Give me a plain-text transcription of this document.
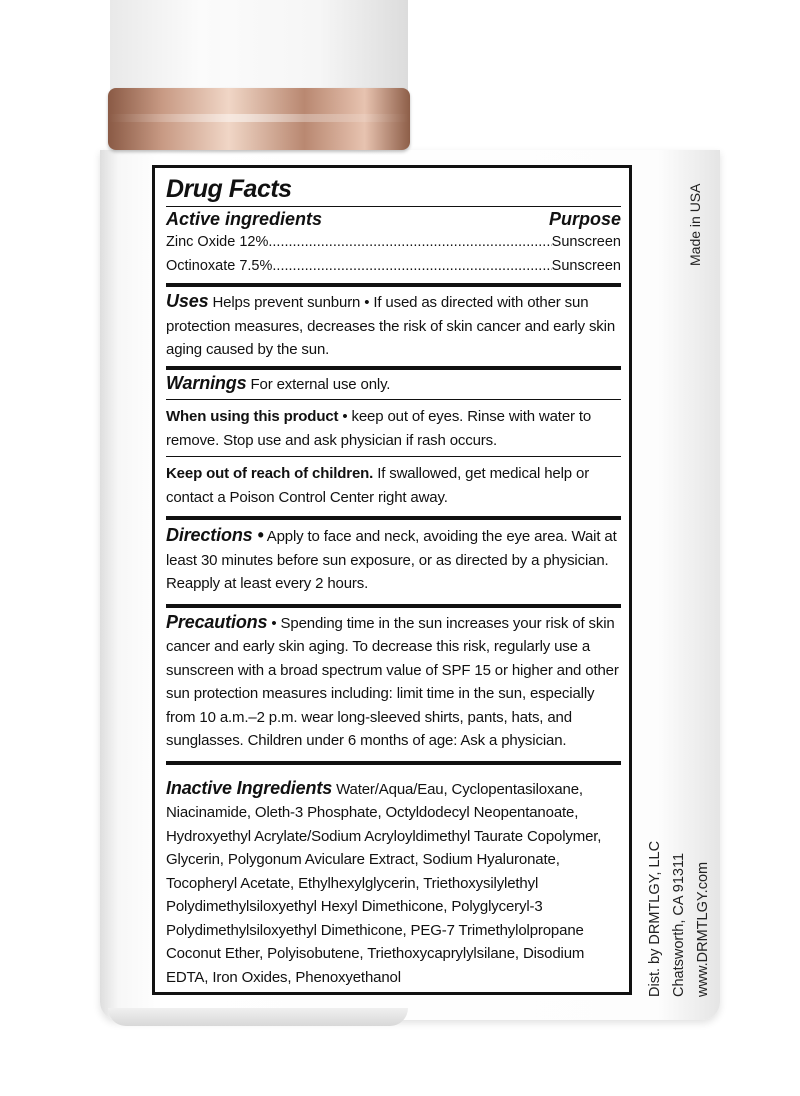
Drug Facts
Active ingredients	Purpose
Zinc Oxide 12% .....	Sunscreen
Octinoxate 7.5% .....	Sunscreen
Uses Helps prevent sunburn • If used as directed with other sun protection measures, decreases the risk of skin cancer and early skin aging caused by the sun.
Warnings For external use only.
When using this product • keep out of eyes. Rinse with water to remove. Stop use and ask physician if rash occurs.
Keep out of reach of children. If swallowed, get medical help or contact a Poison Control Center right away.
Directions • Apply to face and neck, avoiding the eye area. Wait at least 30 minutes before sun exposure, or as directed by a physician. Reapply at least every 2 hours.
Precautions • Spending time in the sun increases your risk of skin cancer and early skin aging. To decrease this risk, regularly use a sunscreen with a broad spectrum value of SPF 15 or higher and other sun protection measures including: limit time in the sun, especially from 10 a.m.–2 p.m. wear long-sleeved shirts, pants, hats, and sunglasses. Children under 6 months of age: Ask a physician.
Inactive Ingredients Water/Aqua/Eau, Cyclopentasiloxane, Niacinamide, Oleth-3 Phosphate, Octyldodecyl Neopentanoate, Hydroxyethyl Acrylate/Sodium Acryloyldimethyl Taurate Copolymer, Glycerin, Polygonum Aviculare Extract, Sodium Hyaluronate, Tocopheryl Acetate, Ethylhexylglycerin, Triethoxysilylethyl Polydimethylsiloxyethyl Hexyl Dimethicone, Polyglyceryl-3 Polydimethylsiloxyethyl Dimethicone, PEG-7 Trimethylolpropane Coconut Ether, Polyisobutene, Triethoxycaprylylsilane, Disodium EDTA, Iron Oxides, Phenoxyethanol
Made in USA
Dist. by DRMTLGY, LLC Chatsworth, CA 91311 www.DRMTLGY.com
